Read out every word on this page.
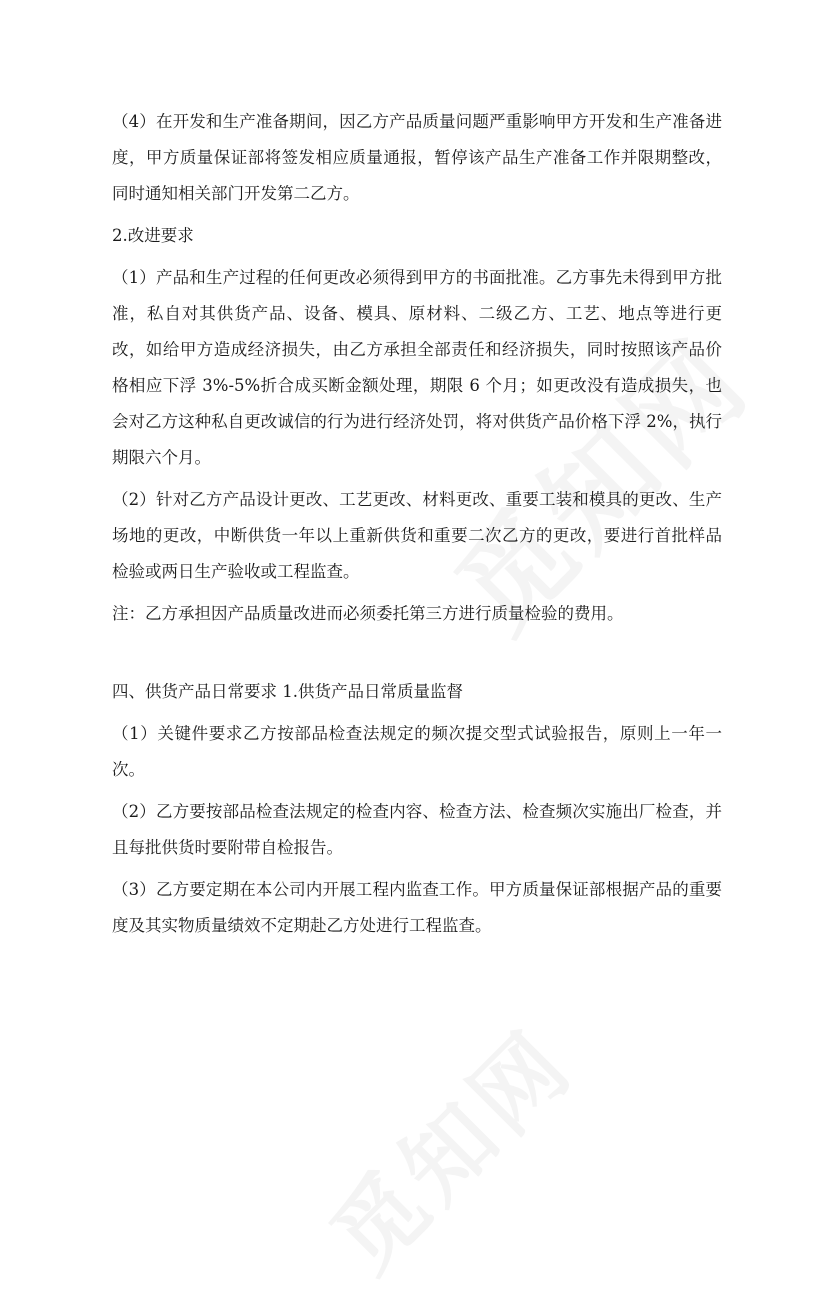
（4）在开发和生产准备期间，因乙方产品质量问题严重影响甲方开发和生产准备进度，甲方质量保证部将签发相应质量通报，暂停该产品生产准备工作并限期整改，同时通知相关部门开发第二乙方。

2.改进要求

（1）产品和生产过程的任何更改必须得到甲方的书面批准。乙方事先未得到甲方批准，私自对其供货产品、设备、模具、原材料、二级乙方、工艺、地点等进行更改，如给甲方造成经济损失，由乙方承担全部责任和经济损失，同时按照该产品价格相应下浮 3%-5%折合成买断金额处理，期限 6 个月；如更改没有造成损失，也会对乙方这种私自更改诚信的行为进行经济处罚，将对供货产品价格下浮 2%，执行期限六个月。

（2）针对乙方产品设计更改、工艺更改、材料更改、重要工装和模具的更改、生产场地的更改，中断供货一年以上重新供货和重要二次乙方的更改，要进行首批样品检验或两日生产验收或工程监查。

注：乙方承担因产品质量改进而必须委托第三方进行质量检验的费用。

四、供货产品日常要求 1.供货产品日常质量监督

（1）关键件要求乙方按部品检查法规定的频次提交型式试验报告，原则上一年一次。

（2）乙方要按部品检查法规定的检查内容、检查方法、检查频次实施出厂检查，并且每批供货时要附带自检报告。

（3）乙方要定期在本公司内开展工程内监查工作。甲方质量保证部根据产品的重要度及其实物质量绩效不定期赴乙方处进行工程监查。
